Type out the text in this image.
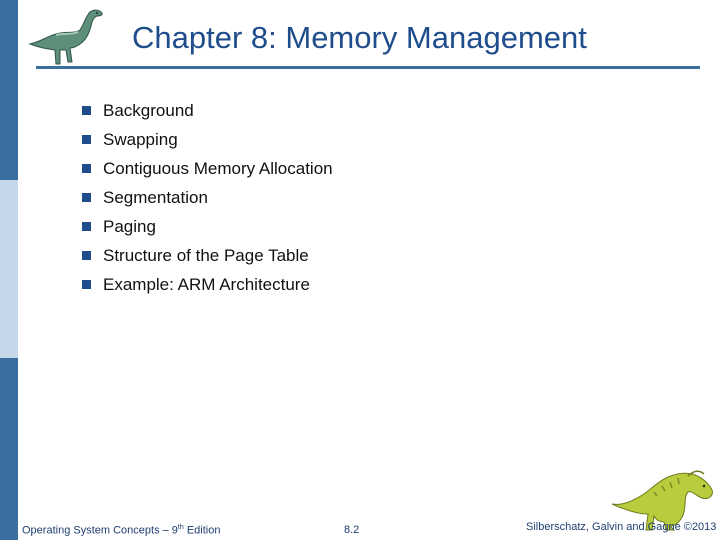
Chapter 8: Memory Management
Background
Swapping
Contiguous Memory Allocation
Segmentation
Paging
Structure of the Page Table
Example: ARM Architecture
Operating System Concepts – 9th Edition	8.2	Silberschatz, Galvin and Gagne ©2013
